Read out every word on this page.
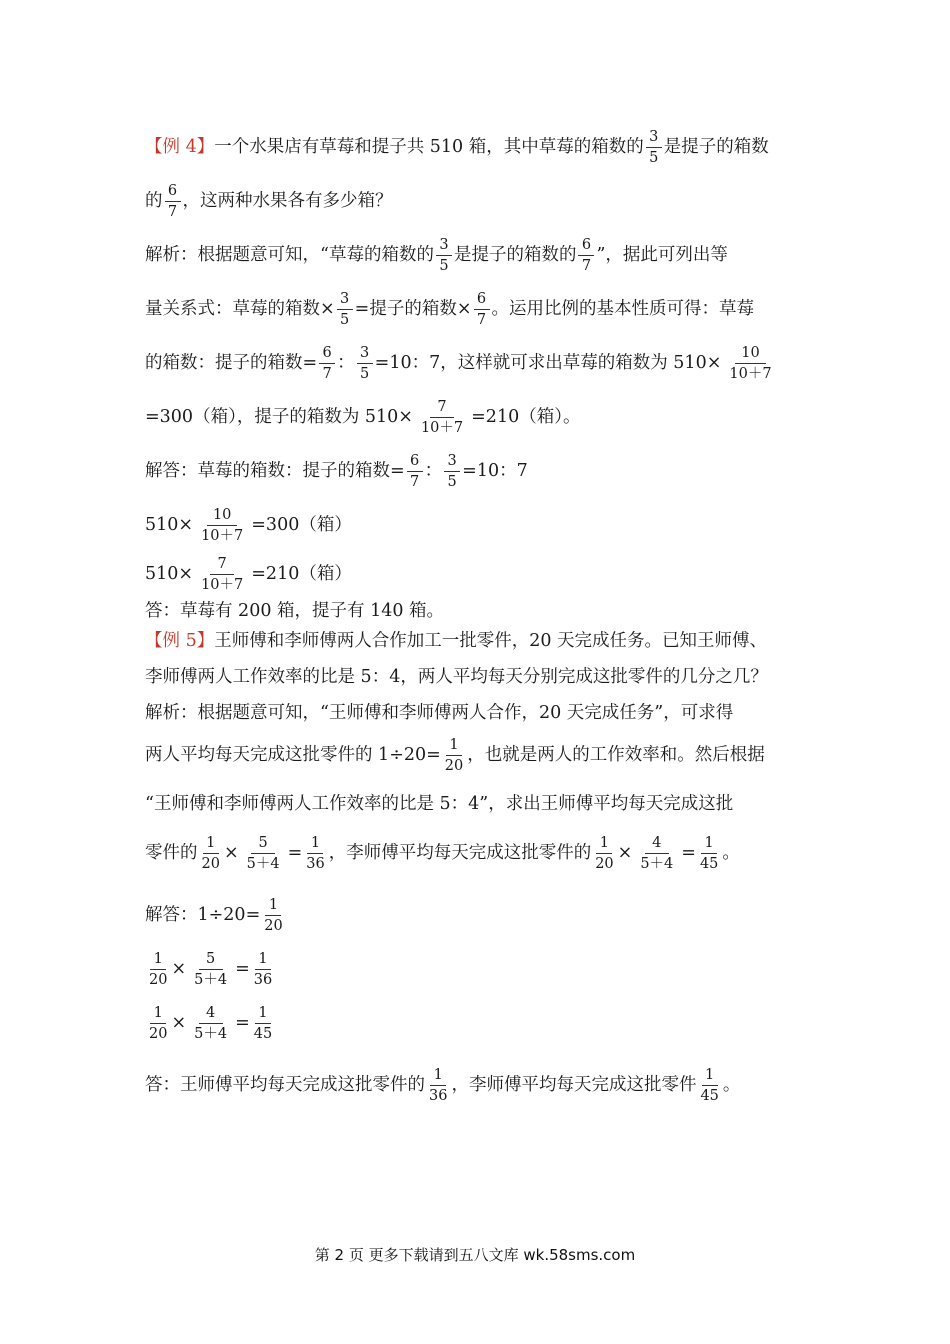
【例 4】 一个水果店有草莓和提子共 510 箱，其中草莓的箱数的 $\frac{3}{5}$ 是提子的箱数
的 $\frac{6}{7}$ ，这两种水果各有多少箱？
解析：根据题意可知，“草莓的箱数的 $\frac{3}{5}$ 是提子的箱数的 $\frac{6}{7}$ ”，据此可列出等
量关系式：草莓的箱数× $\frac{3}{5}$ =提子的箱数× $\frac{6}{7}$ 。运用比例的基本性质可得：草莓
的箱数：提子的箱数= $\frac{6}{7}$ ： $\frac{3}{5} =10$：7，这样就可求出草莓的箱数为 $510\times \frac{10}{10+7}$
=300（箱），提子的箱数为 $510\times \frac{7}{10+7} =210$（箱）。
解答：草莓的箱数：提子的箱数= $\frac{6}{7}$ ： $\frac{3}{5} =10$：7
$510\times \frac{10}{10+7} =300$（箱）
$510\times \frac{7}{10+7} =210$（箱）
答：草莓有 200 箱，提子有 140 箱。
【例 5】 王师傅和李师傅两人合作加工一批零件，20 天完成任务。已知王师傅、
李师傅两人工作效率的比是 5：4，两人平均每天分别完成这批零件的几分之几？
解析：根据题意可知，“王师傅和李师傅两人合作，20 天完成任务”，可求得
两人平均每天完成这批零件的 $1\div 20= \frac{1}{20}$ ，也就是两人的工作效率和。然后根据
“王师傅和李师傅两人工作效率的比是 5：4”，求出王师傅平均每天完成这批
零件的 $\frac{1}{20} \times \frac{5}{5+4} = \frac{1}{36}$ ，李师傅平均每天完成这批零件的 $\frac{1}{20} \times \frac{4}{5+4} = \frac{1}{45}$ 。
解答：$1\div 20= \frac{1}{20}$
$\frac{1}{20} \times \frac{5}{5+4} = \frac{1}{36}$
$\frac{1}{20} \times \frac{4}{5+4} = \frac{1}{45}$
答：王师傅平均每天完成这批零件的 $\frac{1}{36}$ ，李师傅平均每天完成这批零件 $\frac{1}{45}$ 。
第 2 页 更多下载请到五八文库 wk.58sms.com
